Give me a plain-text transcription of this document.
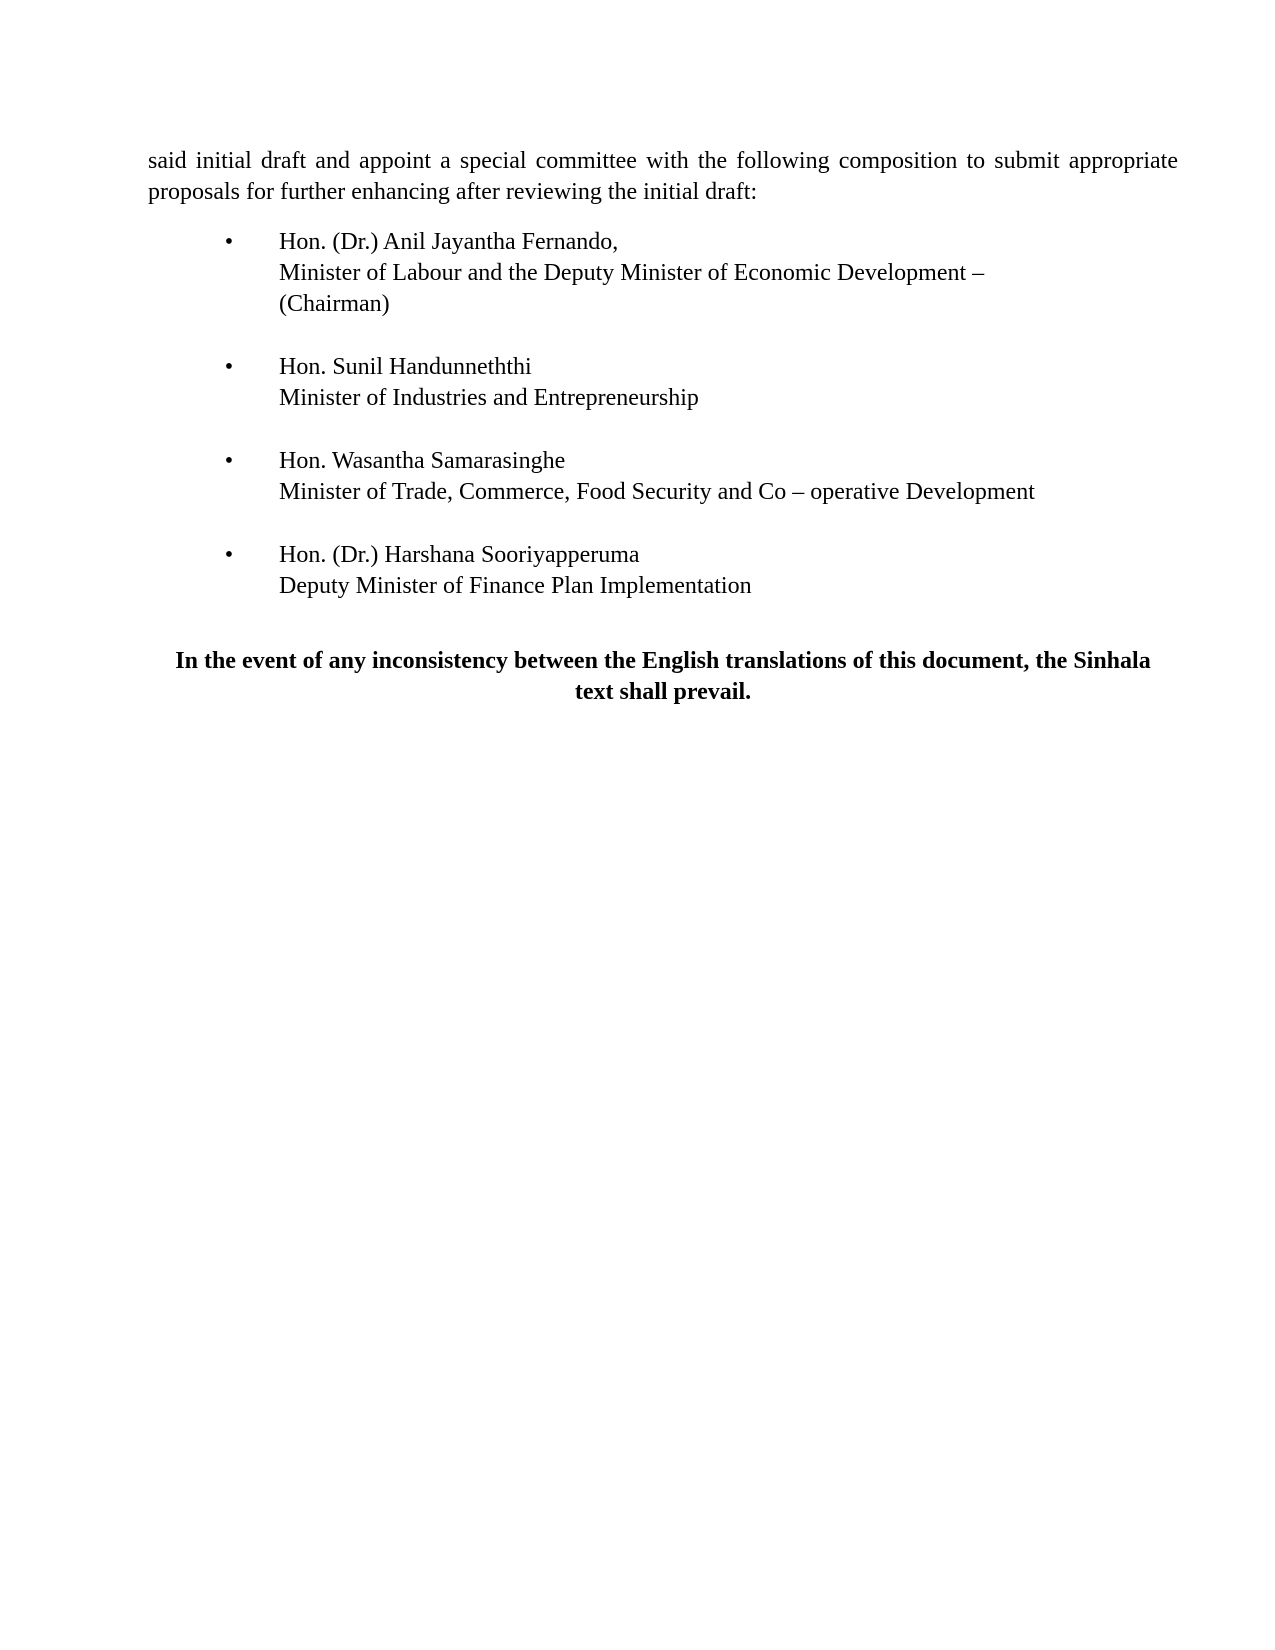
said initial draft and appoint a special committee with the following composition to submit appropriate
proposals for further enhancing after reviewing the initial draft:
• Hon. (Dr.) Anil Jayantha Fernando,
Minister of Labour and the Deputy Minister of Economic Development –
(Chairman)
• Hon. Sunil Handunneththi
Minister of Industries and Entrepreneurship
• Hon. Wasantha Samarasinghe
Minister of Trade, Commerce, Food Security and Co – operative Development
• Hon. (Dr.) Harshana Sooriyapperuma
Deputy Minister of Finance Plan Implementation
In the event of any inconsistency between the English translations of this document, the Sinhala
text shall prevail.
